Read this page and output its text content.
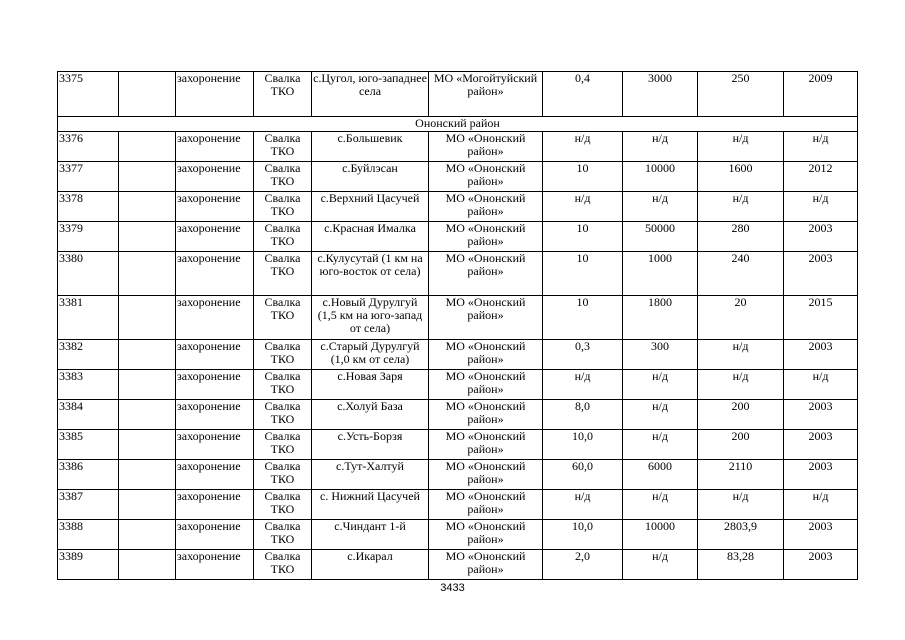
3375		захоронение	Свалка ТКО	с.Цугол, юго-западнее села	МО «Могойтуйский район»	0,4	3000	250	2009
Ононский район									
3376		захоронение	Свалка ТКО	с.Большевик	МО «Ононский район»	н/д	н/д	н/д	н/д
3377		захоронение	Свалка ТКО	с.Буйлэсан	МО «Ононский район»	10	10000	1600	2012
3378		захоронение	Свалка ТКО	с.Верхний Цасучей	МО «Ононский район»	н/д	н/д	н/д	н/д
3379		захоронение	Свалка ТКО	с.Красная Ималка	МО «Ононский район»	10	50000	280	2003
3380		захоронение	Свалка ТКО	с.Кулусутай (1 км на юго-восток от села)	МО «Ононский район»	10	1000	240	2003
3381		захоронение	Свалка ТКО	с.Новый Дурулгуй (1,5 км на юго-запад от села)	МО «Ононский район»	10	1800	20	2015
3382		захоронение	Свалка ТКО	с.Старый Дурулгуй (1,0 км от села)	МО «Ононский район»	0,3	300	н/д	2003
3383		захоронение	Свалка ТКО	с.Новая Заря	МО «Ононский район»	н/д	н/д	н/д	н/д
3384		захоронение	Свалка ТКО	с.Холуй База	МО «Ононский район»	8,0	н/д	200	2003
3385		захоронение	Свалка ТКО	с.Усть-Борзя	МО «Ононский район»	10,0	н/д	200	2003
3386		захоронение	Свалка ТКО	с.Тут-Халтуй	МО «Ононский район»	60,0	6000	2110	2003
3387		захоронение	Свалка ТКО	с. Нижний Цасучей	МО «Ононский район»	н/д	н/д	н/д	н/д
3388		захоронение	Свалка ТКО	с.Чиндант 1-й	МО «Ононский район»	10,0	10000	2803,9	2003
3389		захоронение	Свалка ТКО	с.Икарал	МО «Ононский район»	2,0	н/д	83,28	2003
3433
